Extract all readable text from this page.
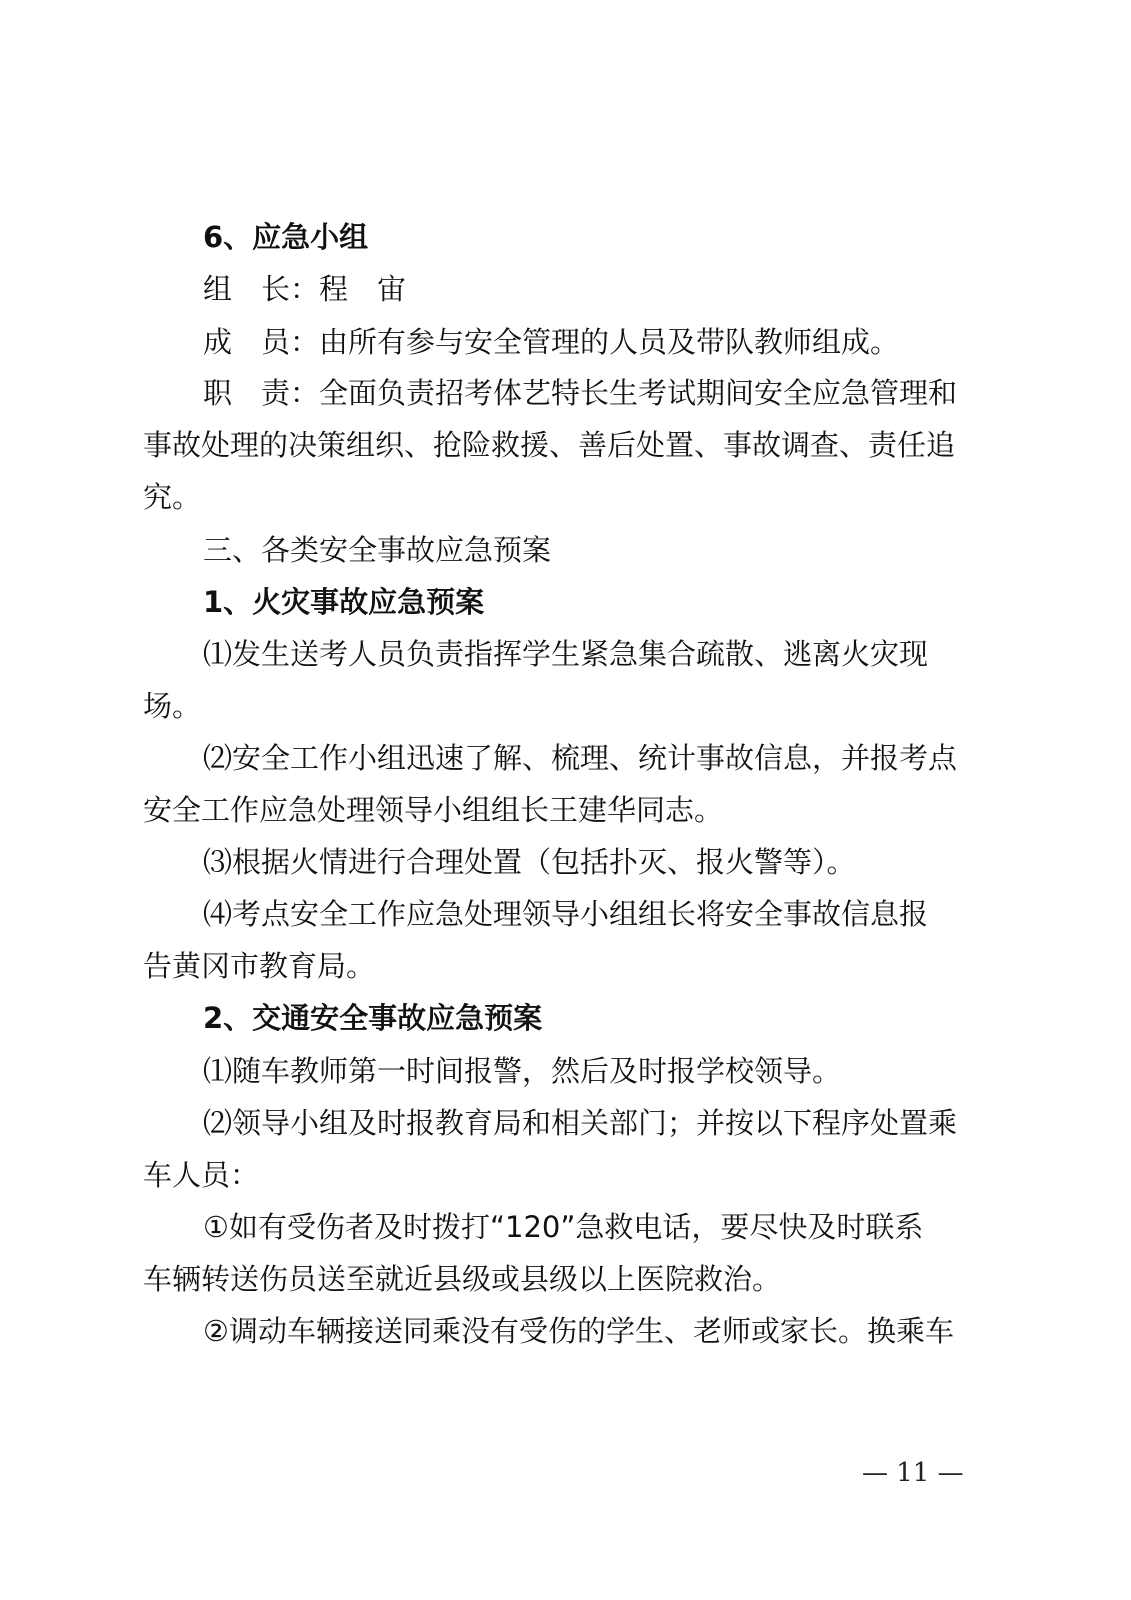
6、应急小组
组　长：程　宙
成　员：由所有参与安全管理的人员及带队教师组成。
职　责：全面负责招考体艺特长生考试期间安全应急管理和
事故处理的决策组织、抢险救援、善后处置、事故调查、责任追
究。
三、各类安全事故应急预案
1、火灾事故应急预案
⑴发生送考人员负责指挥学生紧急集合疏散、逃离火灾现
场。
⑵安全工作小组迅速了解、梳理、统计事故信息，并报考点
安全工作应急处理领导小组组长王建华同志。
⑶根据火情进行合理处置（包括扑灭、报火警等）。
⑷考点安全工作应急处理领导小组组长将安全事故信息报
告黄冈市教育局。
2、交通安全事故应急预案
⑴随车教师第一时间报警，然后及时报学校领导。
⑵领导小组及时报教育局和相关部门；并按以下程序处置乘
车人员：
①如有受伤者及时拨打“120”急救电话，要尽快及时联系
车辆转送伤员送至就近县级或县级以上医院救治。
②调动车辆接送同乘没有受伤的学生、老师或家长。换乘车
— 11 —
